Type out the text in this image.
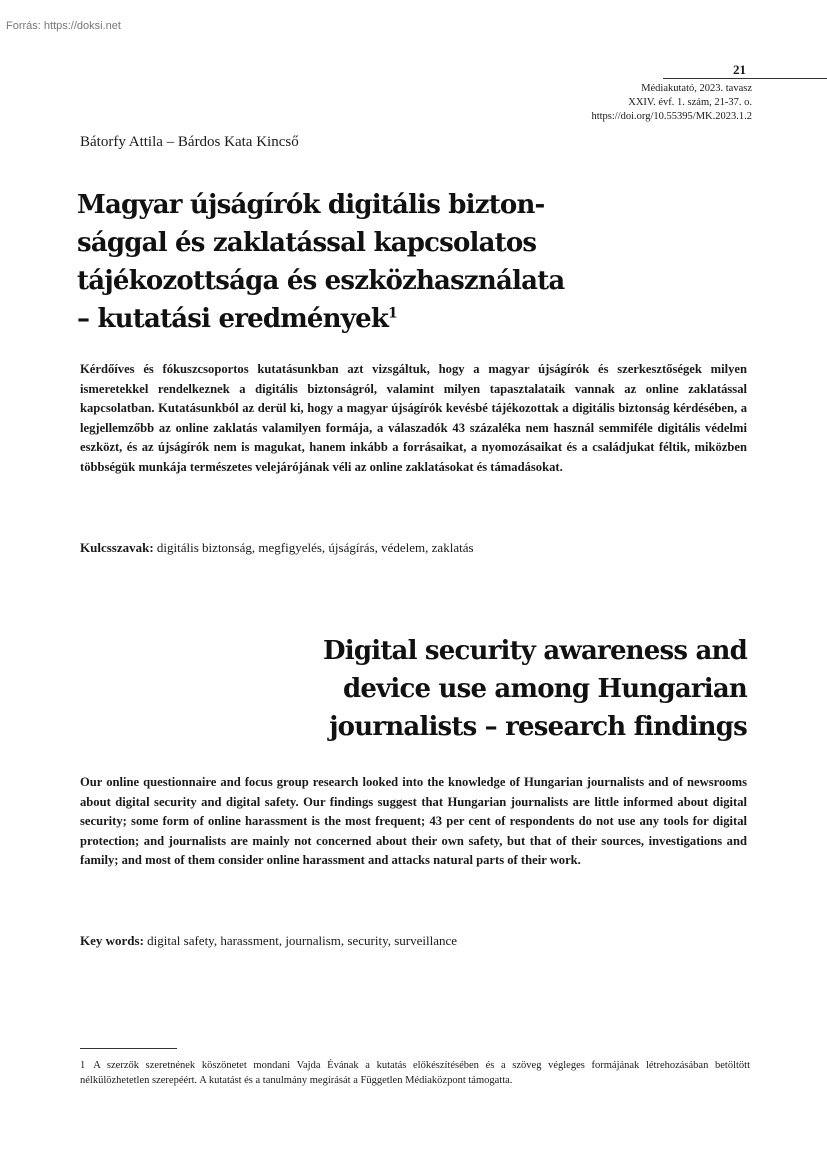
Forrás: https://doksi.net
21
Médiakutató, 2023. tavasz
XXIV. évf. 1. szám, 21-37. o.
https://doi.org/10.55395/MK.2023.1.2
Bátorfy Attila – Bárdos Kata Kincső
Magyar újságírók digitális bizton-
sággal és zaklatással kapcsolatos
tájékozottsága és eszközhasználata
– kutatási eredmények$^1$

Kérdőíves és fókuszcsoportos kutatásunkban azt vizsgáltuk, hogy a magyar újságírók és szerkesztőségek milyen ismeretekkel rendelkeznek a digitális biztonságról, valamint milyen tapasztalataik vannak az online zaklatással kapcsolatban. Kutatásunkból az derül ki, hogy a magyar újságírók kevésbé tájékozottak a digitális biztonság kérdésében, a legjellemzőbb az online zaklatás valamilyen formája, a válaszadók 43 százaléka nem használ semmiféle digitális védelmi eszközt, és az újságírók nem is magukat, hanem inkább a forrásaikat, a nyomozásaikat és a családjukat féltik, miközben többségük munkája természetes velejárójának véli az online zaklatásokat és támadásokat.

Kulcsszavak: digitális biztonság, megfigyelés, újságírás, védelem, zaklatás
Digital security awareness and
device use among Hungarian
journalists – research findings

Our online questionnaire and focus group research looked into the knowledge of Hungarian journalists and of newsrooms about digital security and digital safety. Our findings suggest that Hungarian journalists are little informed about digital security; some form of online harassment is the most frequent; 43 per cent of respondents do not use any tools for digital protection; and journalists are mainly not concerned about their own safety, but that of their sources, investigations and family; and most of them consider online harassment and attacks natural parts of their work.

Key words: digital safety, harassment, journalism, security, surveillance

1 A szerzők szeretnének köszönetet mondani Vajda Évának a kutatás előkészítésében és a szöveg végleges formájának létrehozásában betöltött nélkülözhetetlen szerepéért. A kutatást és a tanulmány megírását a Független Médiaközpont támogatta.
